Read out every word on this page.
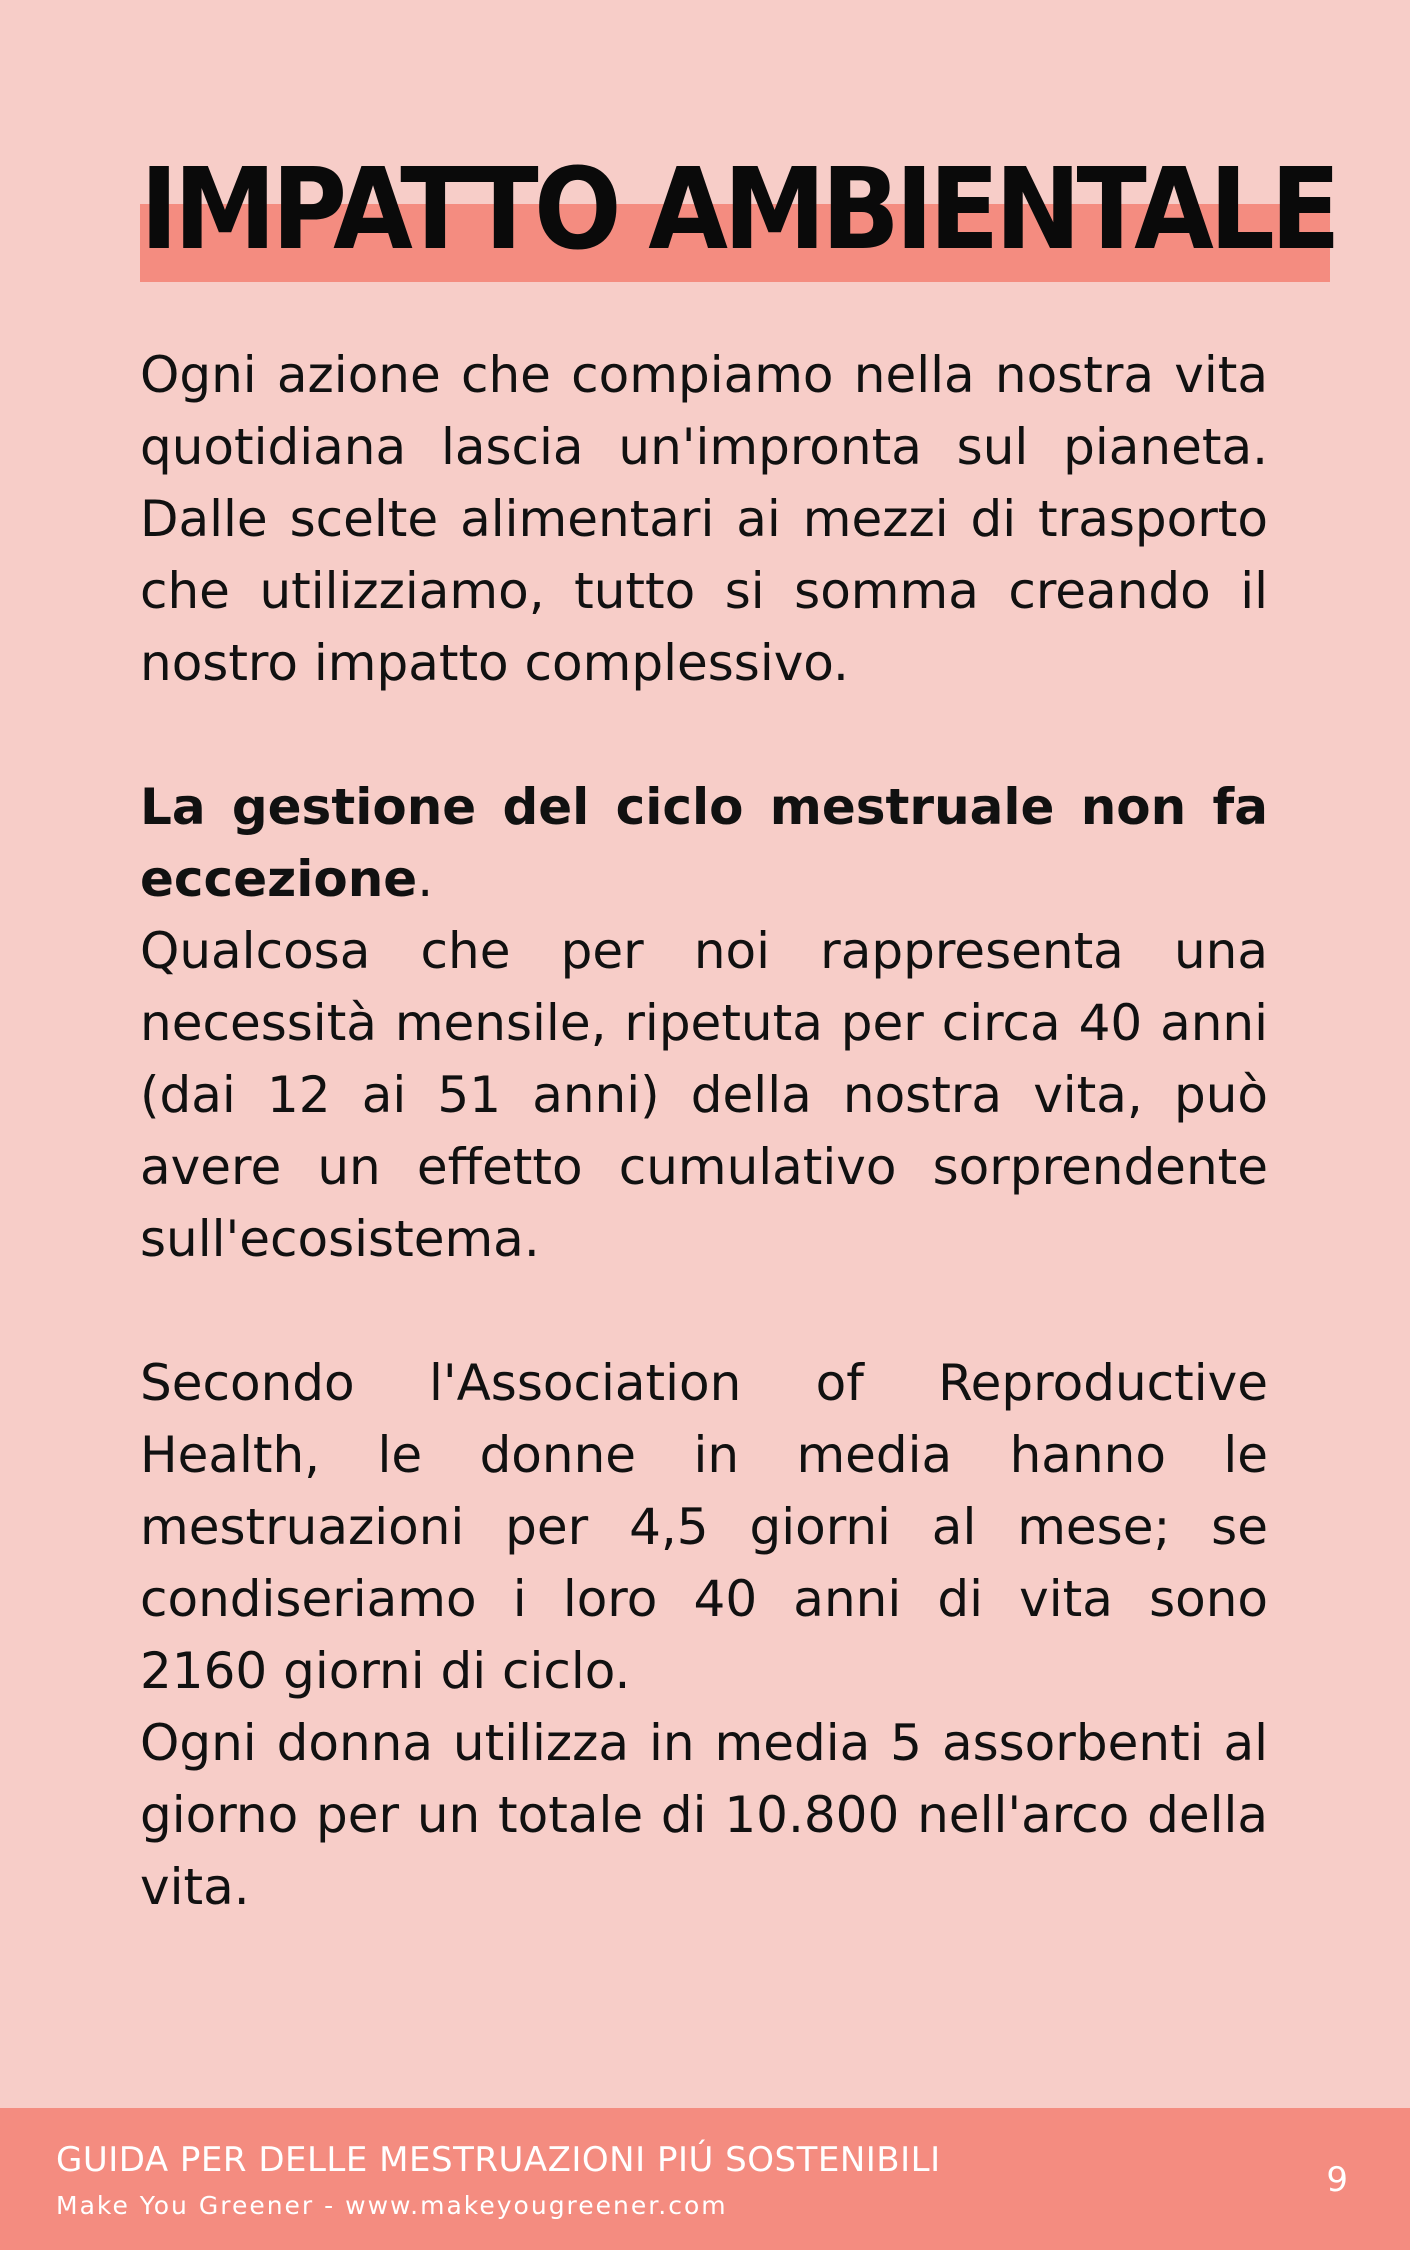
IMPATTO AMBIENTALE

Ogni azione che compiamo nella nostra vita quotidiana lascia un'impronta sul pianeta. Dalle scelte alimentari ai mezzi di trasporto che utilizziamo, tutto si somma creando il nostro impatto complessivo.

La gestione del ciclo mestruale non fa eccezione.

Qualcosa che per noi rappresenta una necessità mensile, ripetuta per circa 40 anni (dai 12 ai 51 anni) della nostra vita, può avere un effetto cumulativo sorprendente sull'ecosistema.

Secondo l'Association of Reproductive Health, le donne in media hanno le mestruazioni per 4,5 giorni al mese; se condiseriamo i loro 40 anni di vita sono 2160 giorni di ciclo.

Ogni donna utilizza in media 5 assorbenti al giorno per un totale di 10.800 nell'arco della vita.

GUIDA PER DELLE MESTRUAZIONI PIÚ SOSTENIBILI
Make You Greener - www.makeyougreener.com
9
